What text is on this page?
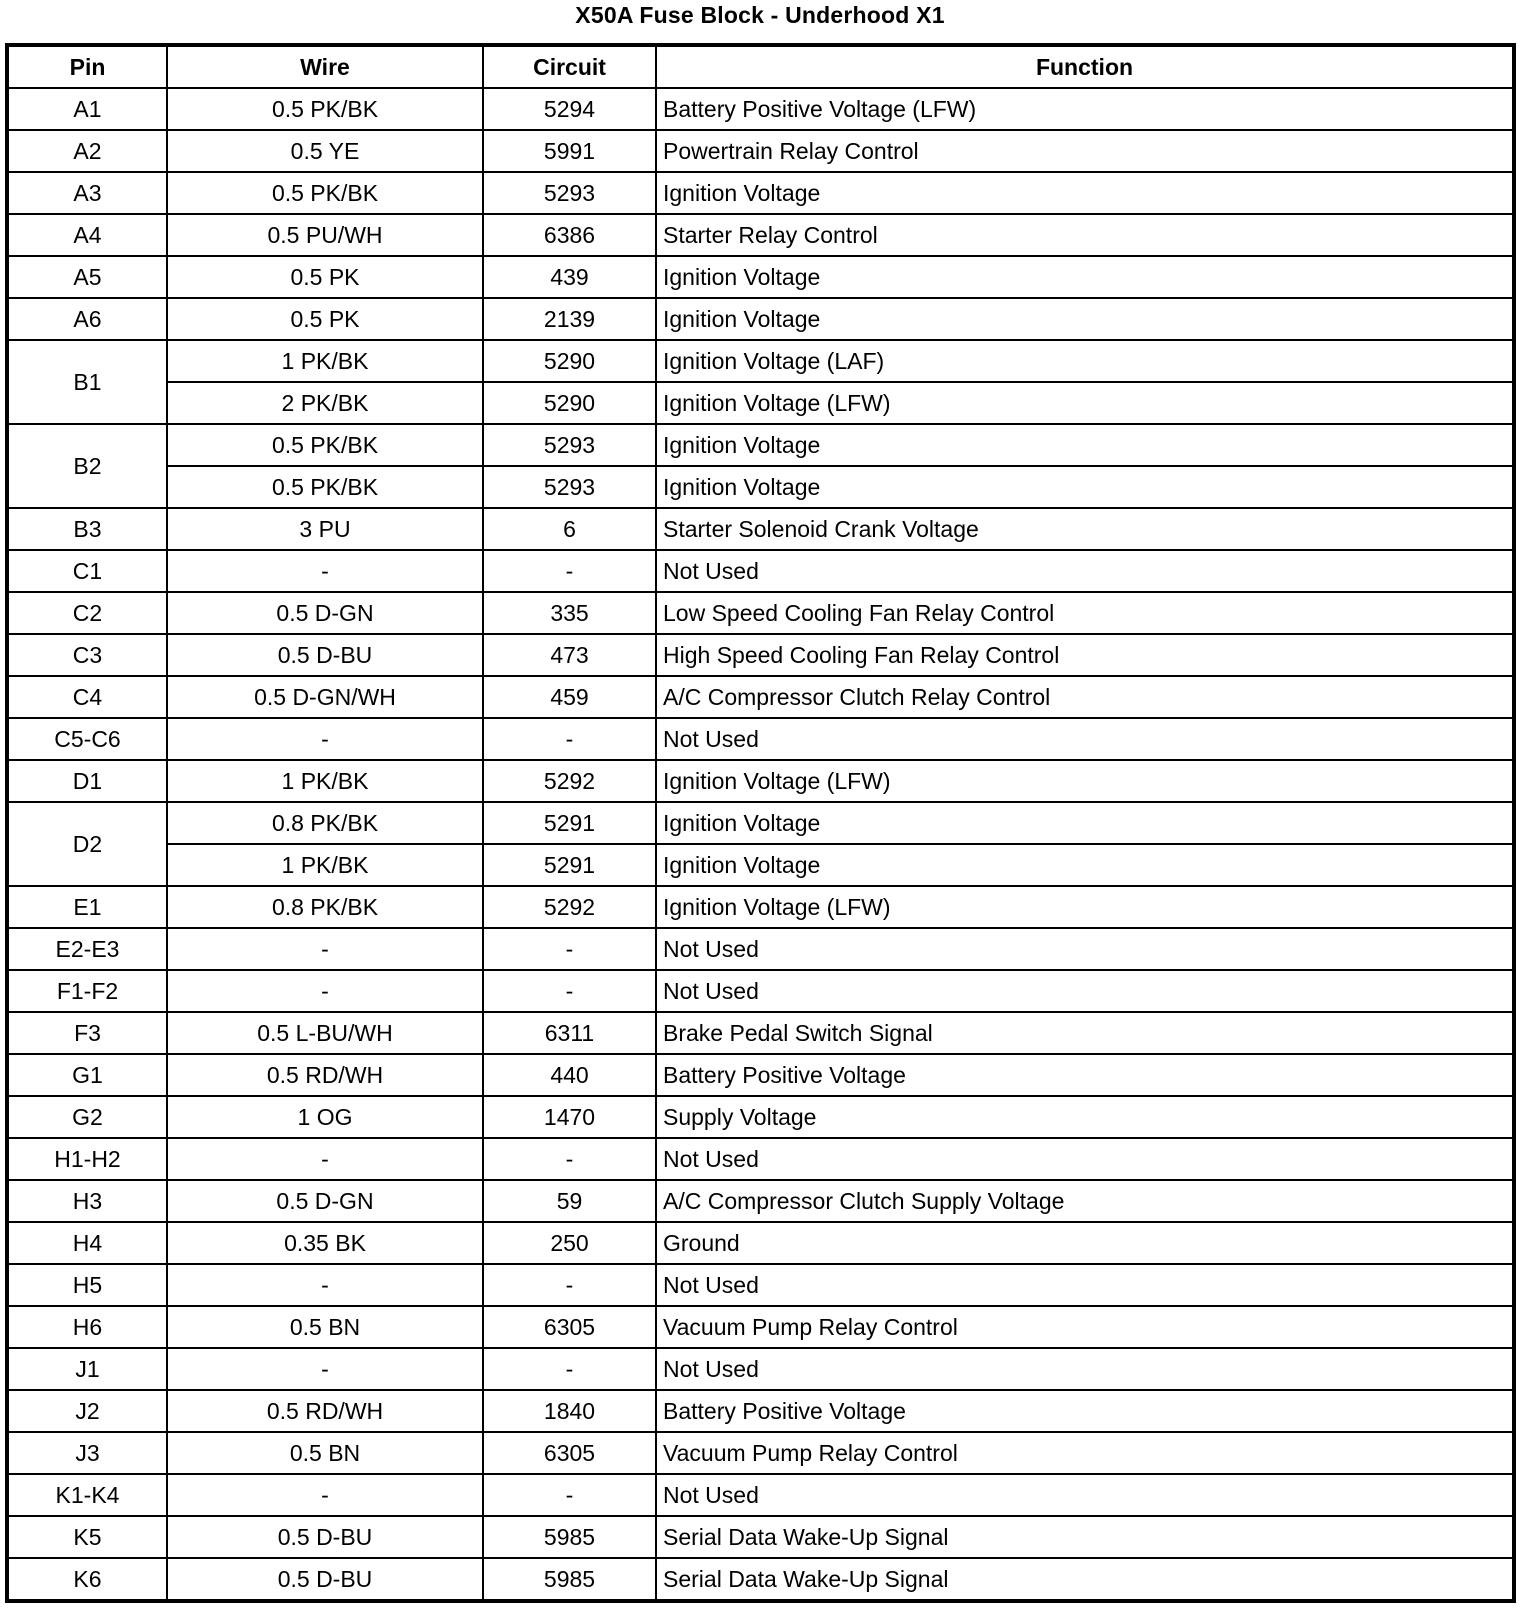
X50A Fuse Block - Underhood X1
Pin	Wire	Circuit	Function
A1	0.5 PK/BK	5294	Battery Positive Voltage (LFW)
A2	0.5 YE	5991	Powertrain Relay Control
A3	0.5 PK/BK	5293	Ignition Voltage
A4	0.5 PU/WH	6386	Starter Relay Control
A5	0.5 PK	439	Ignition Voltage
A6	0.5 PK	2139	Ignition Voltage
B1	1 PK/BK	5290	Ignition Voltage (LAF)
	2 PK/BK	5290	Ignition Voltage (LFW)
B2	0.5 PK/BK	5293	Ignition Voltage
	0.5 PK/BK	5293	Ignition Voltage
B3	3 PU	6	Starter Solenoid Crank Voltage
C1	-	-	Not Used
C2	0.5 D-GN	335	Low Speed Cooling Fan Relay Control
C3	0.5 D-BU	473	High Speed Cooling Fan Relay Control
C4	0.5 D-GN/WH	459	A/C Compressor Clutch Relay Control
C5-C6	-	-	Not Used
D1	1 PK/BK	5292	Ignition Voltage (LFW)
D2	0.8 PK/BK	5291	Ignition Voltage
	1 PK/BK	5291	Ignition Voltage
E1	0.8 PK/BK	5292	Ignition Voltage (LFW)
E2-E3	-	-	Not Used
F1-F2	-	-	Not Used
F3	0.5 L-BU/WH	6311	Brake Pedal Switch Signal
G1	0.5 RD/WH	440	Battery Positive Voltage
G2	1 OG	1470	Supply Voltage
H1-H2	-	-	Not Used
H3	0.5 D-GN	59	A/C Compressor Clutch Supply Voltage
H4	0.35 BK	250	Ground
H5	-	-	Not Used
H6	0.5 BN	6305	Vacuum Pump Relay Control
J1	-	-	Not Used
J2	0.5 RD/WH	1840	Battery Positive Voltage
J3	0.5 BN	6305	Vacuum Pump Relay Control
K1-K4	-	-	Not Used
K5	0.5 D-BU	5985	Serial Data Wake-Up Signal
K6	0.5 D-BU	5985	Serial Data Wake-Up Signal
